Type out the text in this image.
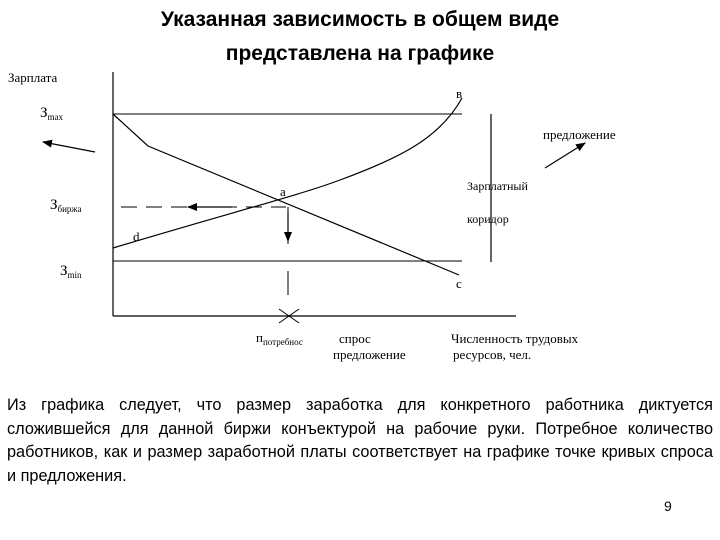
Указанная зависимость в общем виде
представлена на графике
Зарплата
$З_{max}$
$З_{биржа}$
$З_{min}$
в
а
d
c
предложение
Зарплатный
коридор
$п_{потребнос}$	спрос
предложение
Численность трудовых
ресурсов, чел.
Из графика следует, что размер заработка для конкретного работника диктуется сложившейся для данной биржи конъектурой на рабочие руки. Потребное количество работников, как и размер заработной платы соответствует на графике точке кривых спроса и предложения.
9
